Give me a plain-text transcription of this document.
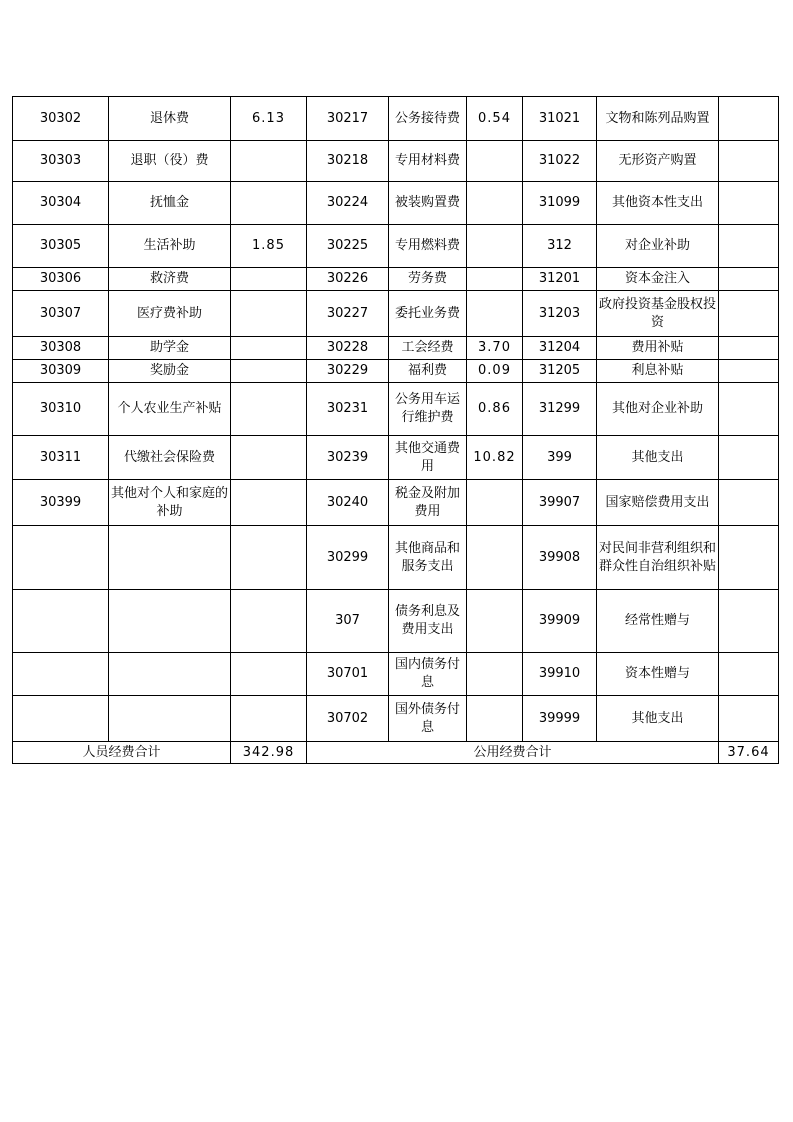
30302	退休费	6.13	30217	公务接待费	0.54	31021	文物和陈列品购置	
30303	退职（役）费		30218	专用材料费		31022	无形资产购置	
30304	抚恤金		30224	被装购置费		31099	其他资本性支出	
30305	生活补助	1.85	30225	专用燃料费		312	对企业补助	
30306	救济费		30226	劳务费		31201	资本金注入	
30307	医疗费补助		30227	委托业务费		31203	政府投资基金股权投资	
30308	助学金		30228	工会经费	3.70	31204	费用补贴	
30309	奖励金		30229	福利费	0.09	31205	利息补贴	
30310	个人农业生产补贴		30231	公务用车运行维护费	0.86	31299	其他对企业补助	
30311	代缴社会保险费		30239	其他交通费用	10.82	399	其他支出	
30399	其他对个人和家庭的补助		30240	税金及附加费用		39907	国家赔偿费用支出	
			30299	其他商品和服务支出		39908	对民间非营利组织和群众性自治组织补贴	
			307	债务利息及费用支出		39909	经常性赠与	
			30701	国内债务付息		39910	资本性赠与	
			30702	国外债务付息		39999	其他支出	
人员经费合计		342.98	公用经费合计					37.64
